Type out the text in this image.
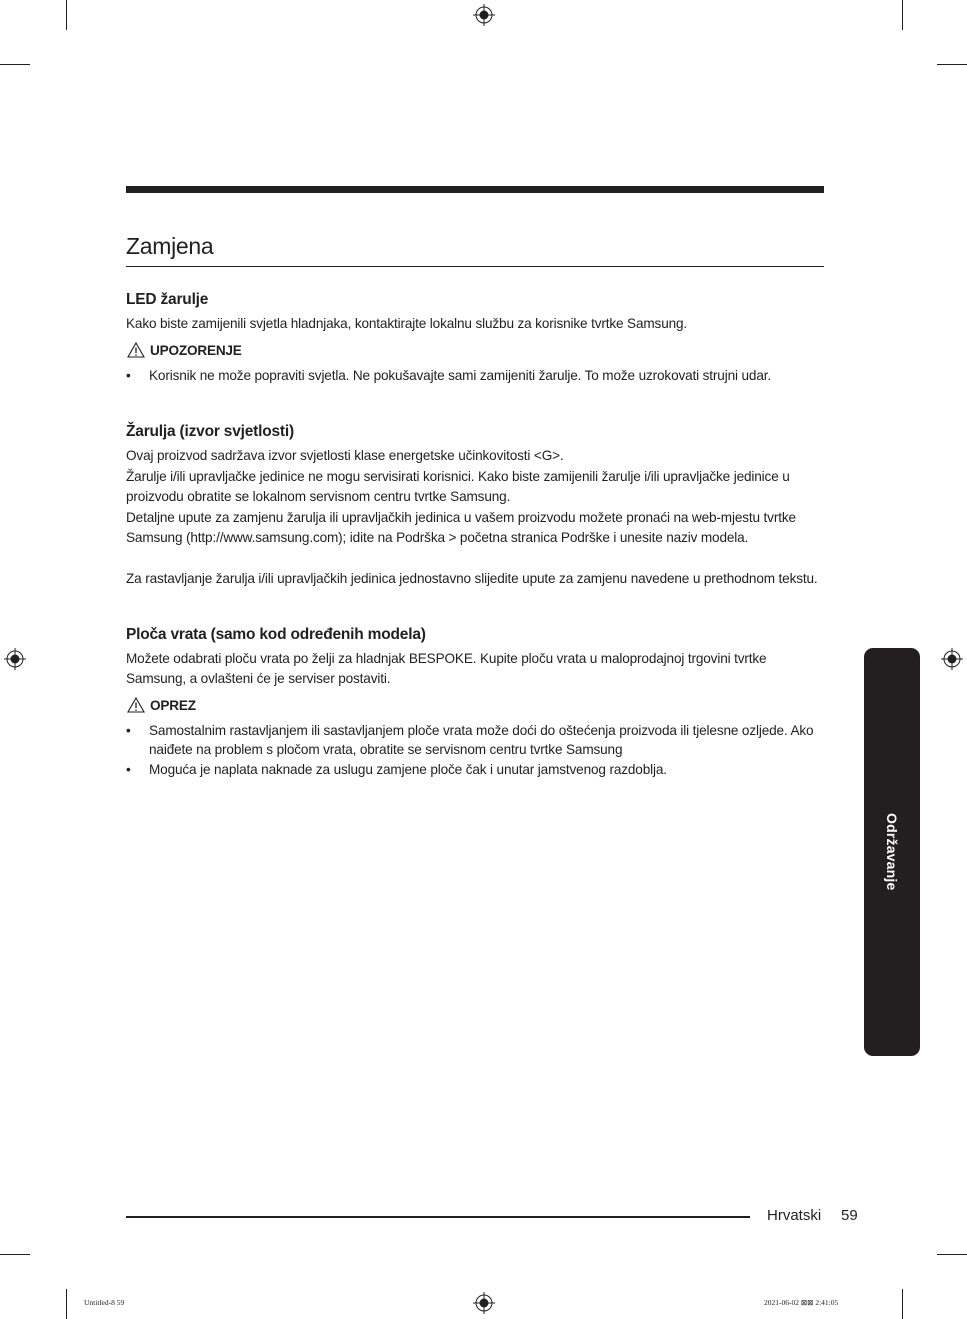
Zamjena
LED žarulje
Kako biste zamijenili svjetla hladnjaka, kontaktirajte lokalnu službu za korisnike tvrtke Samsung.
UPOZORENJE
•	Korisnik ne može popraviti svjetla. Ne pokušavajte sami zamijeniti žarulje. To može uzrokovati strujni udar.
Žarulja (izvor svjetlosti)
Ovaj proizvod sadržava izvor svjetlosti klase energetske učinkovitosti <G>.
Žarulje i/ili upravljačke jedinice ne mogu servisirati korisnici. Kako biste zamijenili žarulje i/ili upravljačke jedinice u proizvodu obratite se lokalnom servisnom centru tvrtke Samsung.
Detaljne upute za zamjenu žarulja ili upravljačkih jedinica u vašem proizvodu možete pronaći na web-mjestu tvrtke Samsung (http://www.samsung.com); idite na Podrška > početna stranica Podrške i unesite naziv modela.
Za rastavljanje žarulja i/ili upravljačkih jedinica jednostavno slijedite upute za zamjenu navedene u prethodnom tekstu.
Ploča vrata (samo kod određenih modela)
Možete odabrati ploču vrata po želji za hladnjak BESPOKE. Kupite ploču vrata u maloprodajnoj trgovini tvrtke Samsung, a ovlašteni će je serviser postaviti.
OPREZ
•	Samostalnim rastavljanjem ili sastavljanjem ploče vrata može doći do oštećenja proizvoda ili tjelesne ozljede. Ako naiđete na problem s pločom vrata, obratite se servisnom centru tvrtke Samsung
•	Moguća je naplata naknade za uslugu zamjene ploče čak i unutar jamstvenog razdoblja.
Održavanje
Hrvatski 59
Untitled-8 59	2021-06-02 ⊠⊠ 2:41:05
